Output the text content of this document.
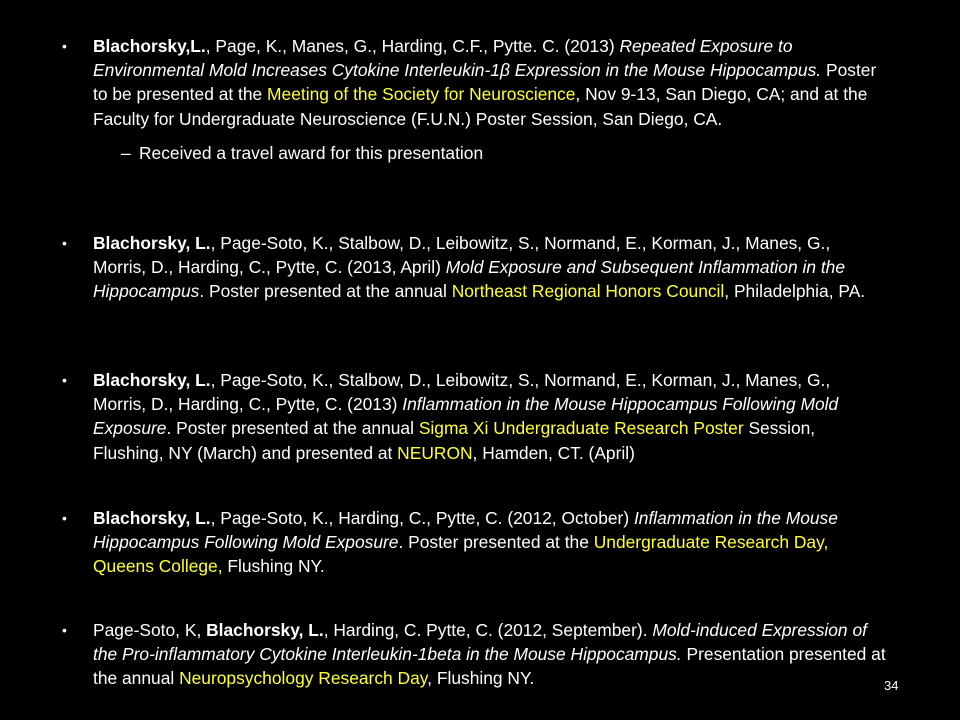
• Blachorsky,L., Page, K., Manes, G., Harding, C.F., Pytte. C. (2013) Repeated Exposure to Environmental Mold Increases Cytokine Interleukin-1β Expression in the Mouse Hippocampus. Poster to be presented at the Meeting of the Society for Neuroscience, Nov 9-13, San Diego, CA; and at the Faculty for Undergraduate Neuroscience (F.U.N.) Poster Session, San Diego, CA.
– Received a travel award for this presentation
• Blachorsky, L., Page-Soto, K., Stalbow, D., Leibowitz, S., Normand, E., Korman, J., Manes, G., Morris, D., Harding, C., Pytte, C. (2013, April) Mold Exposure and Subsequent Inflammation in the Hippocampus. Poster presented at the annual Northeast Regional Honors Council, Philadelphia, PA.
• Blachorsky, L., Page-Soto, K., Stalbow, D., Leibowitz, S., Normand, E., Korman, J., Manes, G., Morris, D., Harding, C., Pytte, C. (2013) Inflammation in the Mouse Hippocampus Following Mold Exposure. Poster presented at the annual Sigma Xi Undergraduate Research Poster Session, Flushing, NY (March) and presented at NEURON, Hamden, CT. (April)
• Blachorsky, L., Page-Soto, K., Harding, C., Pytte, C. (2012, October) Inflammation in the Mouse Hippocampus Following Mold Exposure. Poster presented at the Undergraduate Research Day, Queens College, Flushing NY.
• Page-Soto, K, Blachorsky, L., Harding, C. Pytte, C. (2012, September). Mold-induced Expression of the Pro-inflammatory Cytokine Interleukin-1beta in the Mouse Hippocampus. Presentation presented at the annual Neuropsychology Research Day, Flushing NY.	34
